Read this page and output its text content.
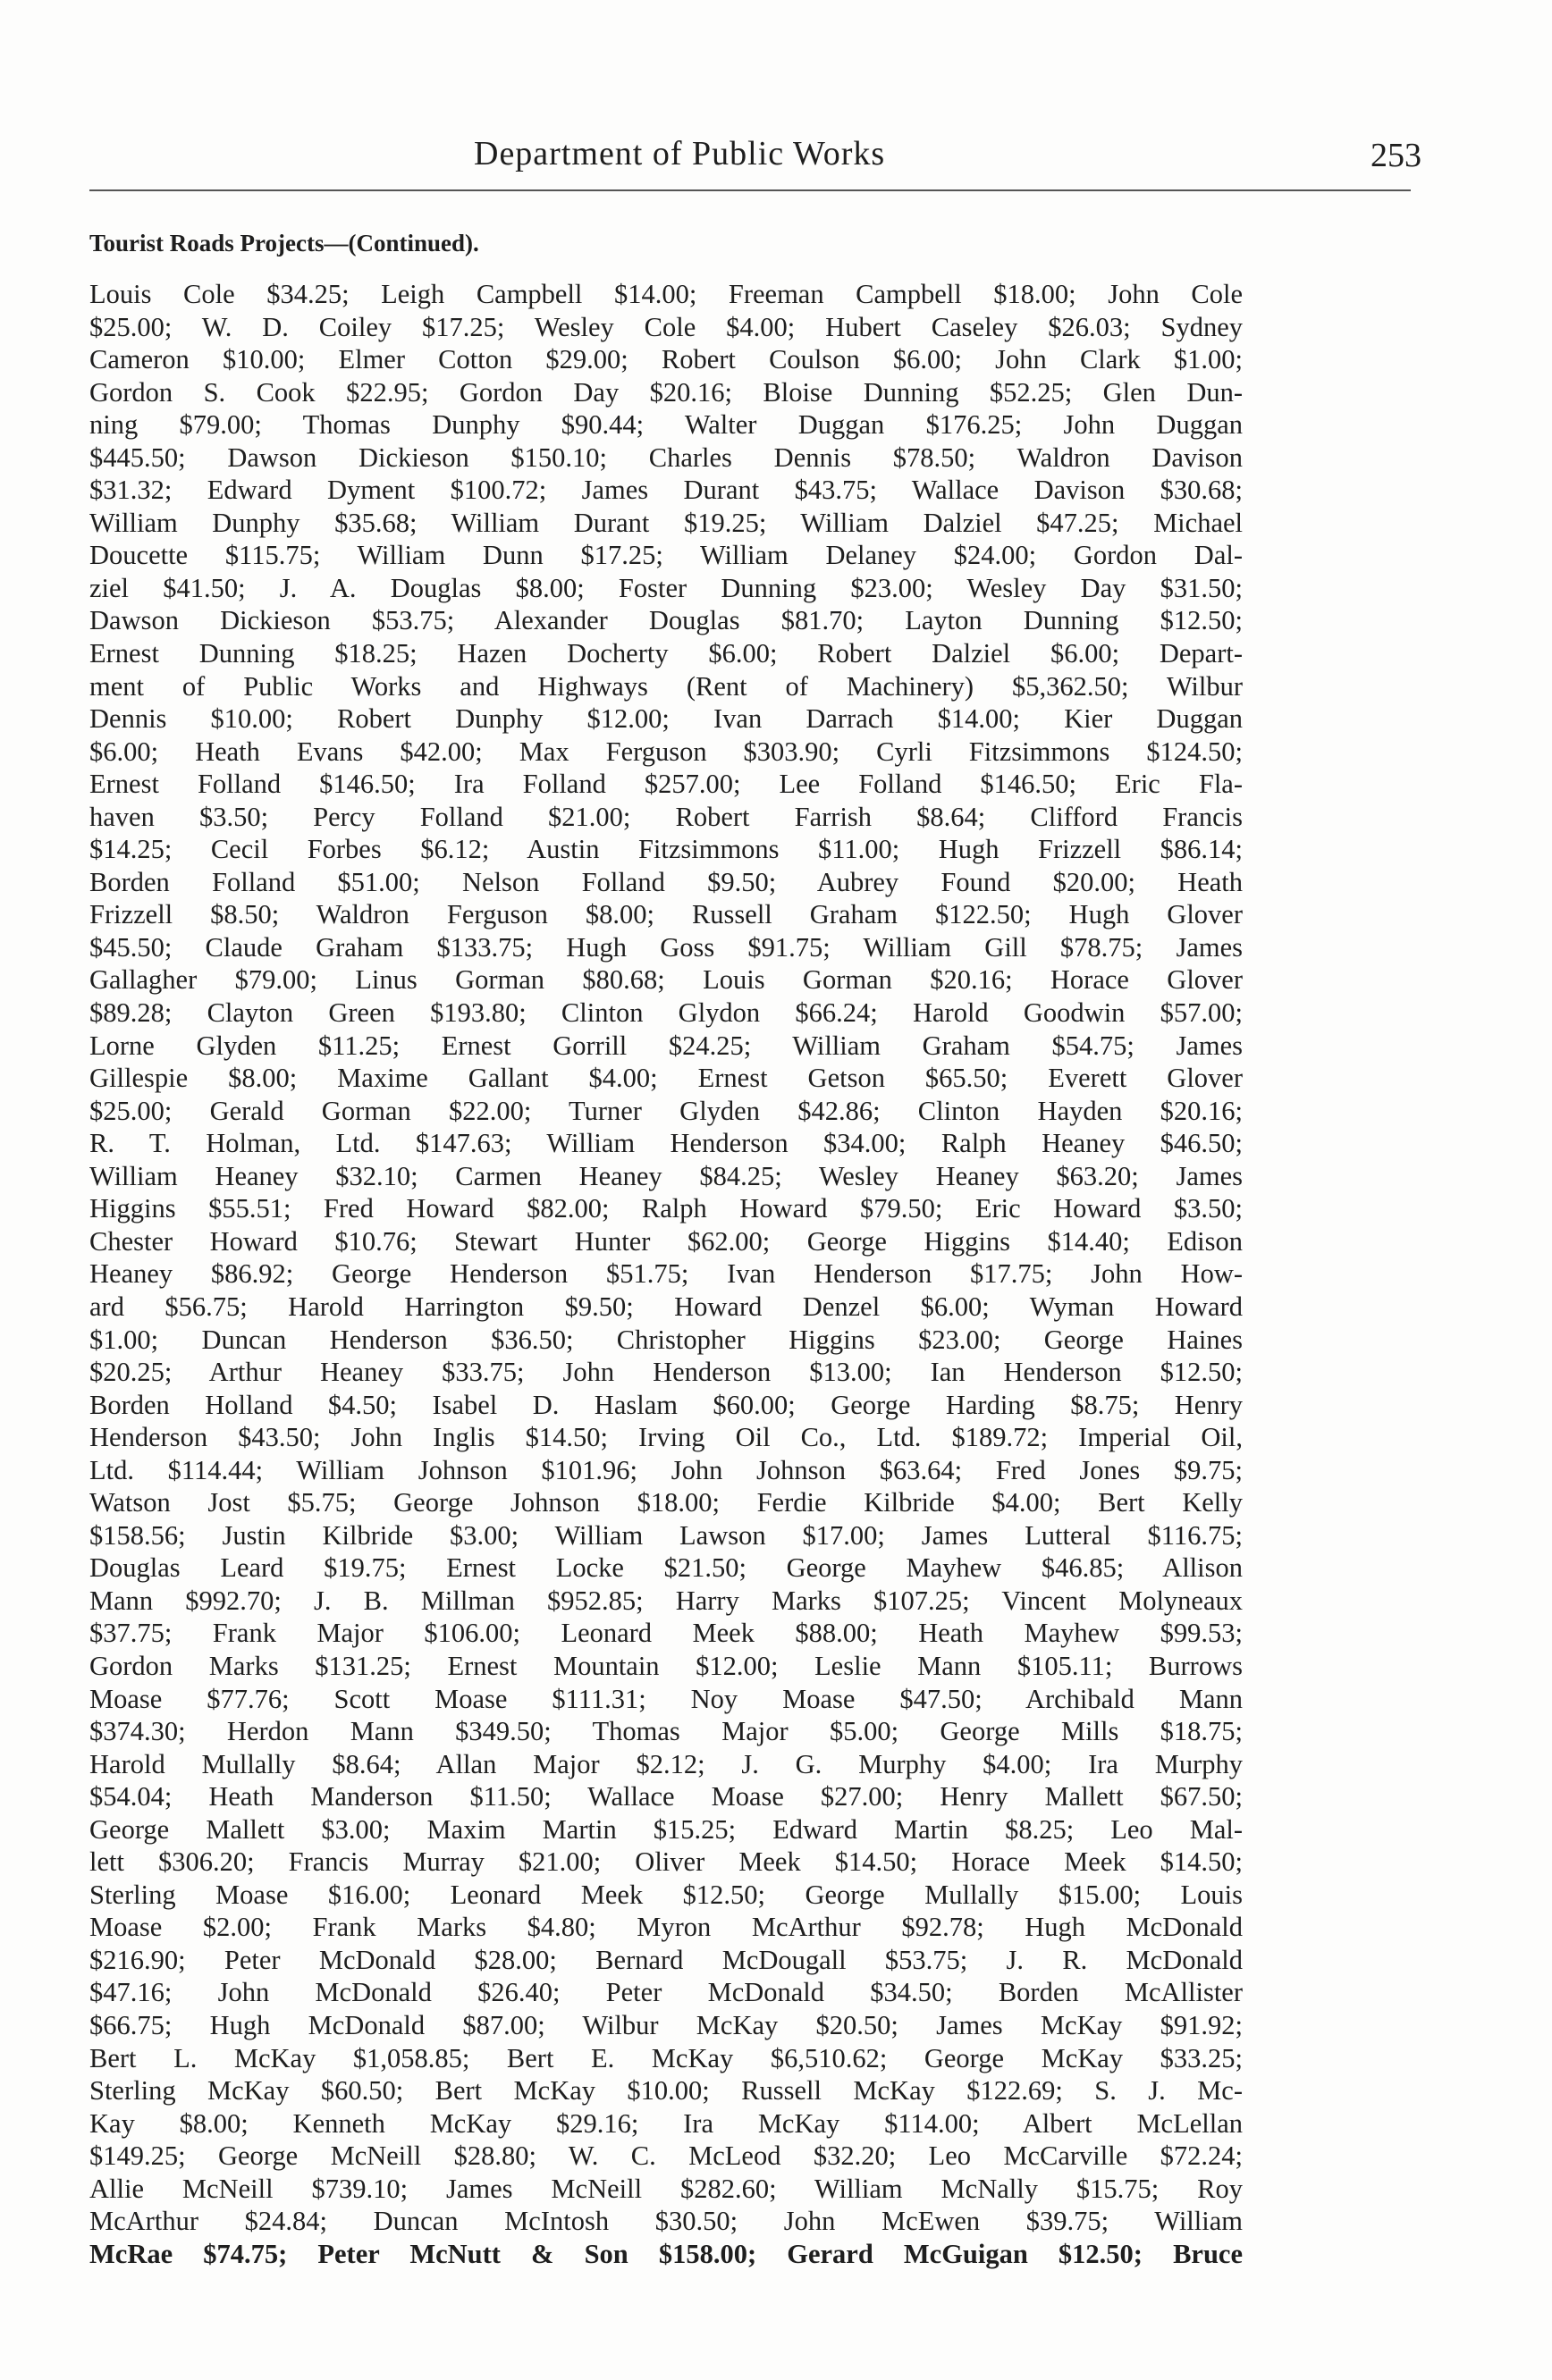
Department of Public Works	253
Tourist Roads Projects—(Continued).
Louis Cole $34.25; Leigh Campbell $14.00; Freeman Campbell $18.00; John Cole
$25.00; W. D. Coiley $17.25; Wesley Cole $4.00; Hubert Caseley $26.03; Sydney
Cameron $10.00; Elmer Cotton $29.00; Robert Coulson $6.00; John Clark $1.00;
Gordon S. Cook $22.95; Gordon Day $20.16; Bloise Dunning $52.25; Glen Dun-
ning $79.00; Thomas Dunphy $90.44; Walter Duggan $176.25; John Duggan
$445.50; Dawson Dickieson $150.10; Charles Dennis $78.50; Waldron Davison
$31.32; Edward Dyment $100.72; James Durant $43.75; Wallace Davison $30.68;
William Dunphy $35.68; William Durant $19.25; William Dalziel $47.25; Michael
Doucette $115.75; William Dunn $17.25; William Delaney $24.00; Gordon Dal-
ziel $41.50; J. A. Douglas $8.00; Foster Dunning $23.00; Wesley Day $31.50;
Dawson Dickieson $53.75; Alexander Douglas $81.70; Layton Dunning $12.50;
Ernest Dunning $18.25; Hazen Docherty $6.00; Robert Dalziel $6.00; Depart-
ment of Public Works and Highways (Rent of Machinery) $5,362.50; Wilbur
Dennis $10.00; Robert Dunphy $12.00; Ivan Darrach $14.00; Kier Duggan
$6.00; Heath Evans $42.00; Max Ferguson $303.90; Cyrli Fitzsimmons $124.50;
Ernest Folland $146.50; Ira Folland $257.00; Lee Folland $146.50; Eric Fla-
haven $3.50; Percy Folland $21.00; Robert Farrish $8.64; Clifford Francis
$14.25; Cecil Forbes $6.12; Austin Fitzsimmons $11.00; Hugh Frizzell $86.14;
Borden Folland $51.00; Nelson Folland $9.50; Aubrey Found $20.00; Heath
Frizzell $8.50; Waldron Ferguson $8.00; Russell Graham $122.50; Hugh Glover
$45.50; Claude Graham $133.75; Hugh Goss $91.75; William Gill $78.75; James
Gallagher $79.00; Linus Gorman $80.68; Louis Gorman $20.16; Horace Glover
$89.28; Clayton Green $193.80; Clinton Glydon $66.24; Harold Goodwin $57.00;
Lorne Glyden $11.25; Ernest Gorrill $24.25; William Graham $54.75; James
Gillespie $8.00; Maxime Gallant $4.00; Ernest Getson $65.50; Everett Glover
$25.00; Gerald Gorman $22.00; Turner Glyden $42.86; Clinton Hayden $20.16;
R. T. Holman, Ltd. $147.63; William Henderson $34.00; Ralph Heaney $46.50;
William Heaney $32.10; Carmen Heaney $84.25; Wesley Heaney $63.20; James
Higgins $55.51; Fred Howard $82.00; Ralph Howard $79.50; Eric Howard $3.50;
Chester Howard $10.76; Stewart Hunter $62.00; George Higgins $14.40; Edison
Heaney $86.92; George Henderson $51.75; Ivan Henderson $17.75; John How-
ard $56.75; Harold Harrington $9.50; Howard Denzel $6.00; Wyman Howard
$1.00; Duncan Henderson $36.50; Christopher Higgins $23.00; George Haines
$20.25; Arthur Heaney $33.75; John Henderson $13.00; Ian Henderson $12.50;
Borden Holland $4.50; Isabel D. Haslam $60.00; George Harding $8.75; Henry
Henderson $43.50; John Inglis $14.50; Irving Oil Co., Ltd. $189.72; Imperial Oil,
Ltd. $114.44; William Johnson $101.96; John Johnson $63.64; Fred Jones $9.75;
Watson Jost $5.75; George Johnson $18.00; Ferdie Kilbride $4.00; Bert Kelly
$158.56; Justin Kilbride $3.00; William Lawson $17.00; James Lutteral $116.75;
Douglas Leard $19.75; Ernest Locke $21.50; George Mayhew $46.85; Allison
Mann $992.70; J. B. Millman $952.85; Harry Marks $107.25; Vincent Molyneaux
$37.75; Frank Major $106.00; Leonard Meek $88.00; Heath Mayhew $99.53;
Gordon Marks $131.25; Ernest Mountain $12.00; Leslie Mann $105.11; Burrows
Moase $77.76; Scott Moase $111.31; Noy Moase $47.50; Archibald Mann
$374.30; Herdon Mann $349.50; Thomas Major $5.00; George Mills $18.75;
Harold Mullally $8.64; Allan Major $2.12; J. G. Murphy $4.00; Ira Murphy
$54.04; Heath Manderson $11.50; Wallace Moase $27.00; Henry Mallett $67.50;
George Mallett $3.00; Maxim Martin $15.25; Edward Martin $8.25; Leo Mal-
lett $306.20; Francis Murray $21.00; Oliver Meek $14.50; Horace Meek $14.50;
Sterling Moase $16.00; Leonard Meek $12.50; George Mullally $15.00; Louis
Moase $2.00; Frank Marks $4.80; Myron McArthur $92.78; Hugh McDonald
$216.90; Peter McDonald $28.00; Bernard McDougall $53.75; J. R. McDonald
$47.16; John McDonald $26.40; Peter McDonald $34.50; Borden McAllister
$66.75; Hugh McDonald $87.00; Wilbur McKay $20.50; James McKay $91.92;
Bert L. McKay $1,058.85; Bert E. McKay $6,510.62; George McKay $33.25;
Sterling McKay $60.50; Bert McKay $10.00; Russell McKay $122.69; S. J. Mc-
Kay $8.00; Kenneth McKay $29.16; Ira McKay $114.00; Albert McLellan
$149.25; George McNeill $28.80; W. C. McLeod $32.20; Leo McCarville $72.24;
Allie McNeill $739.10; James McNeill $282.60; William McNally $15.75; Roy
McArthur $24.84; Duncan McIntosh $30.50; John McEwen $39.75; William
McRae $74.75; Peter McNutt & Son $158.00; Gerard McGuigan $12.50; Bruce
